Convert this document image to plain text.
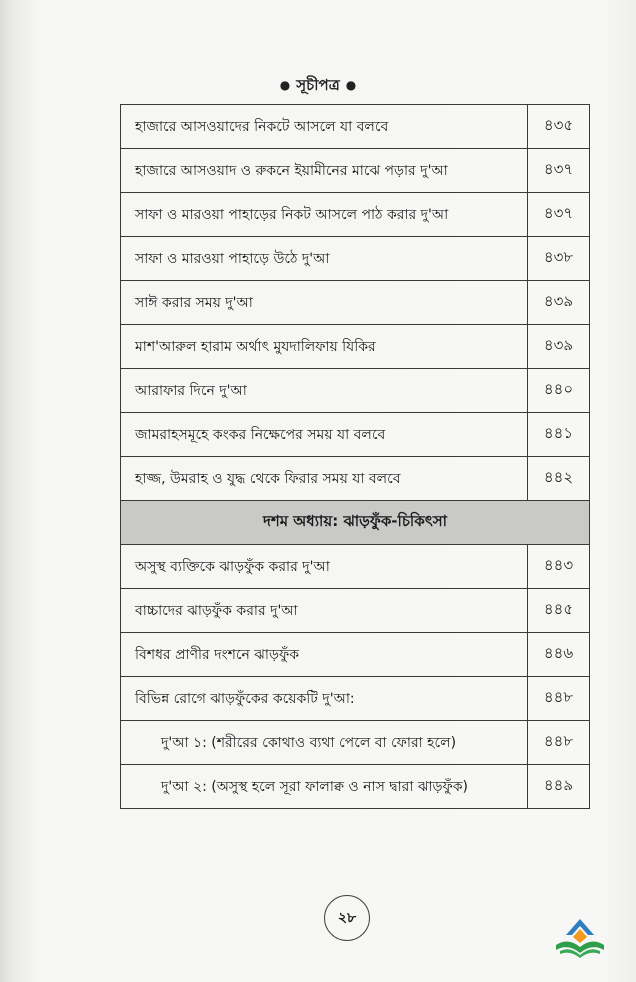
● সূচীপত্র ●
হাজারে আসওয়াদের নিকটে আসলে যা বলবে	৪৩৫
হাজারে আসওয়াদ ও রুকনে ইয়ামীনের মাঝে পড়ার দু'আ	৪৩৭
সাফা ও মারওয়া পাহাড়ের নিকট আসলে পাঠ করার দু'আ	৪৩৭
সাফা ও মারওয়া পাহাড়ে উঠে দু'আ	৪৩৮
সাঈ করার সময় দু'আ	৪৩৯
মাশ'আরুল হারাম অর্থাৎ মুযদালিফায় যিকির	৪৩৯
আরাফার দিনে দু'আ	৪৪০
জামরাহসমূহে কংকর নিক্ষেপের সময় যা বলবে	৪৪১
হাজ্জ, উমরাহ ও যুদ্ধ থেকে ফিরার সময় যা বলবে	৪৪২
দশম অধ্যায়: ঝাড়ফুঁক-চিকিৎসা	
অসুস্থ ব্যক্তিকে ঝাড়ফুঁক করার দু'আ	৪৪৩
বাচ্চাদের ঝাড়ফুঁক করার দু'আ	৪৪৫
বিশধর প্রাণীর দংশনে ঝাড়ফুঁক	৪৪৬
বিভিন্ন রোগে ঝাড়ফুঁকের কয়েকটি দু'আ:	৪৪৮
দু'আ ১: (শরীরের কোথাও ব্যথা পেলে বা ফোরা হলে)	৪৪৮
দু'আ ২: (অসুস্থ হলে সূরা ফালাক্ব ও নাস দ্বারা ঝাড়ফুঁক)	৪৪৯
২৮
